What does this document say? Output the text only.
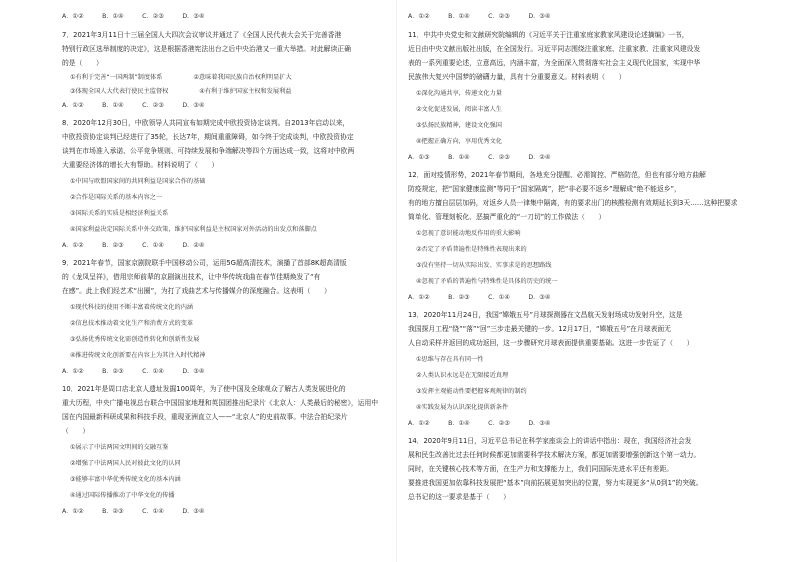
A．①②　　　B．①④　　　C．②③　　　D．③④
7．2021年3月11日十三届全国人大四次会议审议并通过了《全国人民代表大会关于完善香港
特别行政区选举制度的决定》，这是根据香港宪法出台之后中央治港又一重大举措。对此解读正确
的是（　　）
①有利于完善“一国两制”制度体系　　　　　②意味着我国民族自治权利明显扩大
③体现全国人大代表行使民主监督权　　　　　④有利于维护国家主权和发展利益
A．①②　　　B．①④　　　C．②③　　　D．③④
8．2020年12月30日，中欧领导人共同宣布如期完成中欧投资协定谈判。自2013年启动以来，
中欧投资协定谈判已经进行了35轮，长达7年，期间重重障碍，如今终于完成谈判，中欧投资协定
谈判在市场准入承诺、公平竞争规则、可持续发展和争端解决等四个方面达成一致，这将对中欧两
大重要经济体的增长大有帮助。材料说明了（　　）
①中国与欧盟国家间的共同利益是国家合作的基础
②合作是国际关系的基本内容之一
③国际关系的实质是相经济利益关系
④国家利益决定国际关系中外交政策，维护国家利益是主权国家对外活动的出发点和落脚点
A．①②　　　B．②③　　　C．①④　　　D．②④
9．2021年春节，国家京剧院联手中国移动公司，运用5G超高清技术，演播了首部8K超高清版
的《龙凤呈祥》，借用宗师前辈的京剧演出技术，让中华传统戏曲在春节佳期焕发了“有
在感”。此上我们经艺术“出圈”，为打了戏曲艺术与传播媒介的深度融合。这表明（　　）
①现代科技的使用不断丰富着传统文化的内涵
②信息技术推动着文化生产和消费方式的变革
③弘扬优秀传统文化需创造性转化和创新性发展
④推进传统文化创新要在内容上为其注入时代精神
A．①②　　　B．②③　　　C．①④　　　D．③④
10．2021年是周口店北京人遗址发掘100周年，为了使中国及全球观众了解古人类发展进化的
重大历程，中央广播电视总台联合中国国家地理和英国团推出纪录片《北京人：人类最后的秘密》，运用中
国在内国最新科研成果和科技手段，重现亚洲直立人——“北京人”的史前故事。中法合拍纪录片
（　　）
①展示了中法两国文明间的交融互鉴
②增强了中法两国人民对彼此文化的认同
③能够丰富中华优秀传统文化的基本内涵
④通过国际传播推动了中华文化的传播
A．①②　　　B．②③　　　C．①④　　　D．③④
A．①②　　　B．①④　　　C．②③　　　D．③④
11．中共中央党史和文献研究院编辑的《习近平关于注重家庭家教家风建设论述摘编》一书，
近日由中央文献出版社出版，在全国发行。习近平同志围绕注重家庭、注重家教、注重家风建设发
表的一系列重要论述，立意高远，内涵丰富，为全面深入贯彻落实社会主义现代化国家，实现中华
民族伟大复兴中国梦的磅礴力量，具有十分重要意义。材料表明（　　）
①深化沟通共享，传递文化力量
②文化促进发展，阅读丰富人生
③弘扬民族精神，建设文化强国
④把握正确方向，享用优秀文化
A．①③　　　B．①④　　　C．②③　　　D．②④
12．面对疫情形势，2021年春节期间，各地充分提醒、必需简控、严格防范，但也有部分地方曲解
防疫规定，把“国家健康监测”等同于“国家隔离”，把“非必要不返乡”理解成“绝不能返乡”，
有的地方擅自层层加码，对返乡人员一律集中隔离，有的要求出门的核酸检测有效期延长到3天……这种把要求
简单化、管理刻板化、恶搞严重化的“一刀切”的工作做法（　　）
①忽视了意识能动地反作用的重大影响
②否定了矛盾普遍性是特殊性表现出来的
③没有坚持一切从实际出发、实事求是的思想路线
④忽视了矛盾的普遍性与特殊性是具体的历史的统一
A．①②　　　B．②③　　　C．①④　　　D．③④
13．2020年11月24日，我国“嫦娥五号”月球探测器在文昌航天发射场成功发射升空，这是
我国探月工程“绕”“落”“回”三步走最关键的一步。12月17日，“嫦娥五号”在月球表面无
人自动采样并返回的成功返回，这一步骤研究月球表面提供重要基础。这进一步佐证了（　　）
①思维与存在具有同一性
②人类认识永远是在无限接近真理
③发挥主观能动性要把握客观规律的制约
④实践发展为认识深化提供新条件
A．①②　　　B．①④　　　C．②③　　　D．③④
14．2020年9月11日，习近平总书记在科学家座谈会上的讲话中指出：现在，我国经济社会发
展和民生改善比过去任何时候都更加需要科学技术解决方案，都更加需要增强创新这个第一动力。
同时，在关键核心技术等方面，在生产力和支撑能力上，我们同国际先进水平还有差距。
要推进我国更加依靠科技发展把“基本”向前拓展更加突出的位置，努力实现更多“从0到1”的突破。
总书记的这一要求是基于（　　）
